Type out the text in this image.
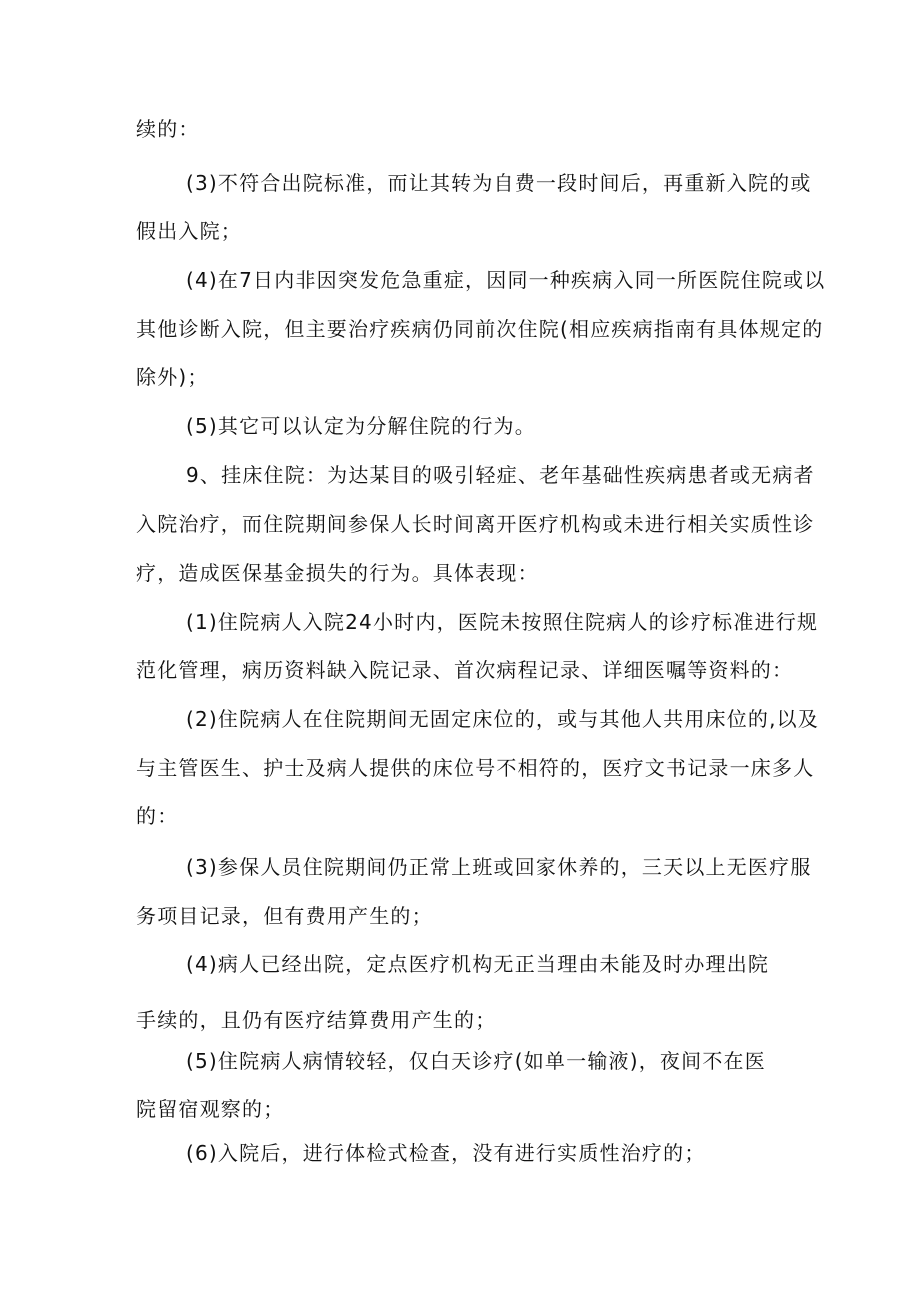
续的：
(3)不符合出院标准，而让其转为自费一段时间后，再重新入院的或
假出入院；
(4)在7日内非因突发危急重症，因同一种疾病入同一所医院住院或以
其他诊断入院，但主要治疗疾病仍同前次住院(相应疾病指南有具体规定的
除外)；
(5)其它可以认定为分解住院的行为。
9、挂床住院：为达某目的吸引轻症、老年基础性疾病患者或无病者
入院治疗，而住院期间参保人长时间离开医疗机构或未进行相关实质性诊
疗，造成医保基金损失的行为。具体表现：
(1)住院病人入院24小时内，医院未按照住院病人的诊疗标准进行规
范化管理，病历资料缺入院记录、首次病程记录、详细医嘱等资料的：
(2)住院病人在住院期间无固定床位的，或与其他人共用床位的,以及
与主管医生、护士及病人提供的床位号不相符的，医疗文书记录一床多人
的：
(3)参保人员住院期间仍正常上班或回家休养的，三天以上无医疗服
务项目记录，但有费用产生的；
(4)病人已经出院，定点医疗机构无正当理由未能及时办理出院
手续的，且仍有医疗结算费用产生的；
(5)住院病人病情较轻，仅白天诊疗(如单一输液)，夜间不在医
院留宿观察的；
(6)入院后，进行体检式检查，没有进行实质性治疗的；
